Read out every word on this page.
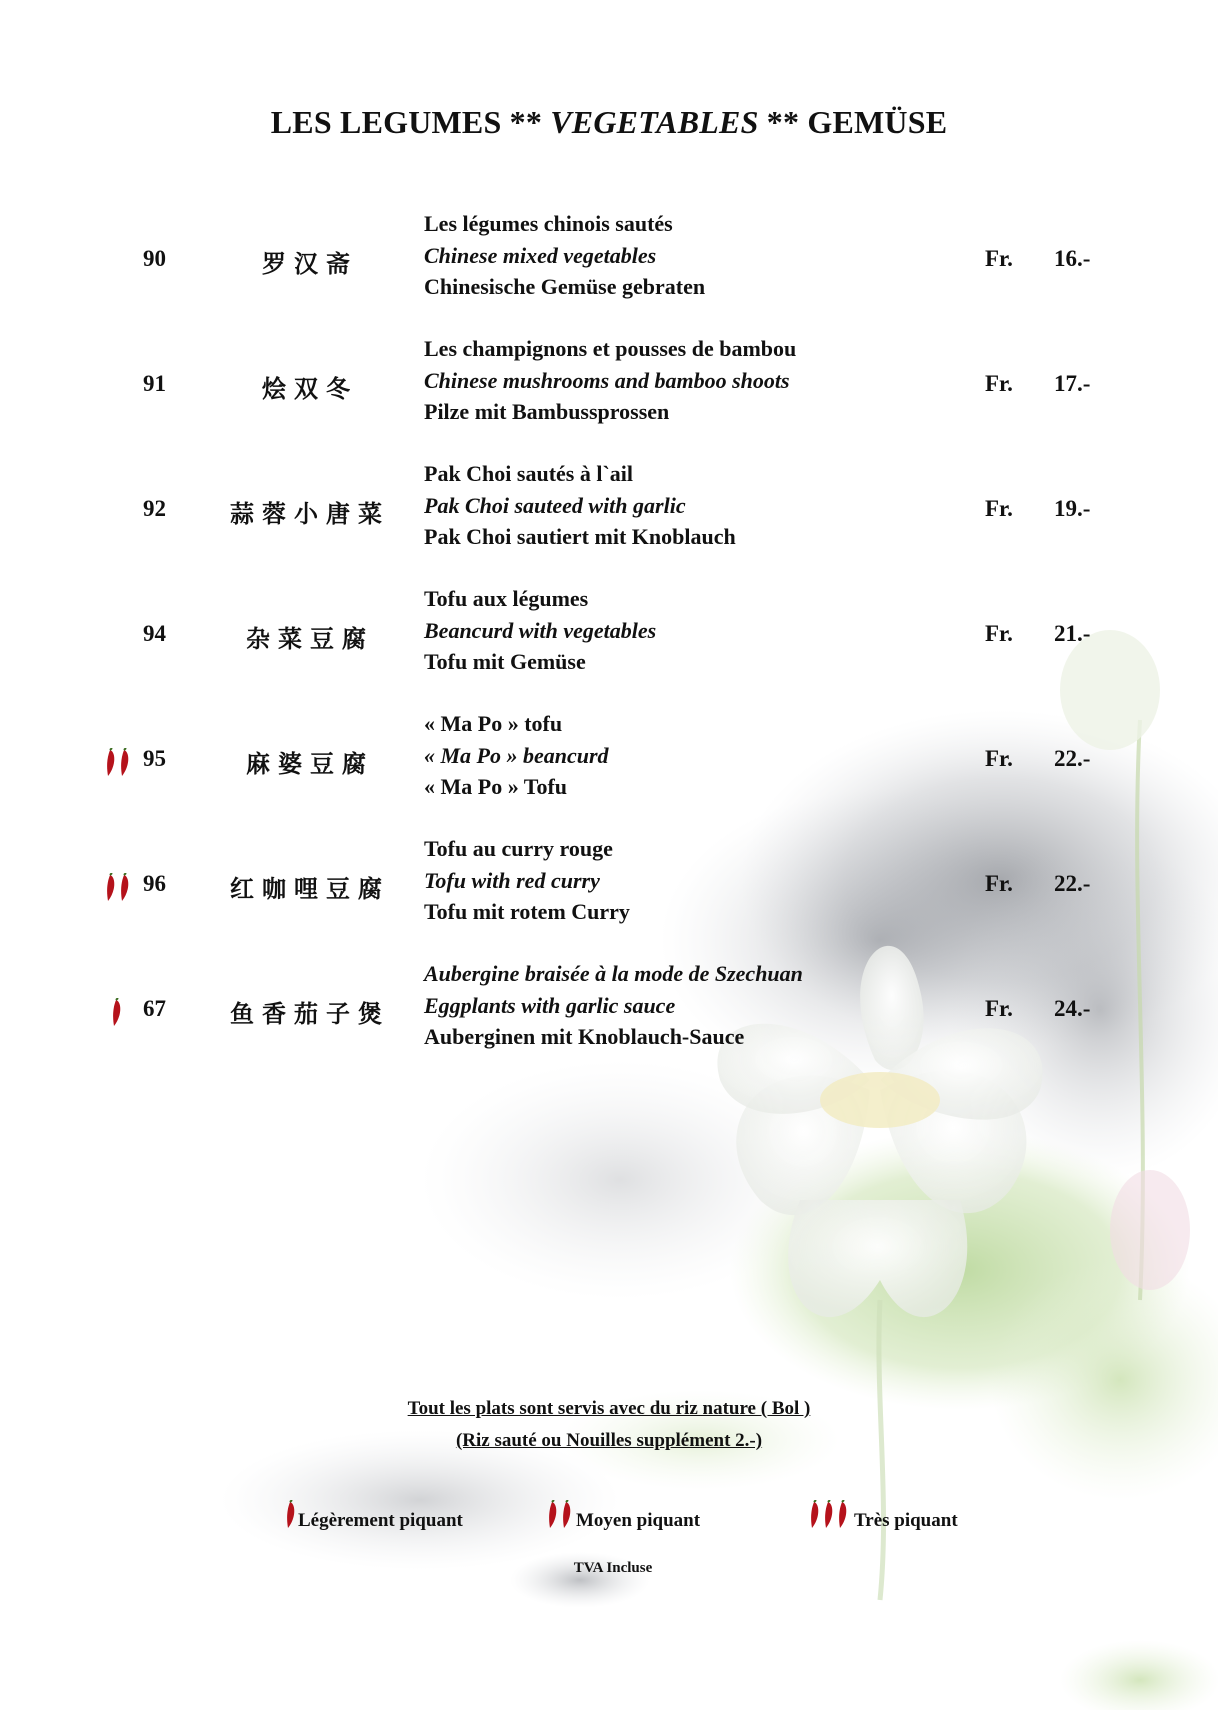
LES LEGUMES ** VEGETABLES ** GEMÜSE
90	罗汉斋
Les légumes chinois sautés
Chinese mixed vegetables
Chinesische Gemüse gebraten
Fr. 16.-
91	烩双冬
Les champignons et pousses de bambou
Chinese mushrooms and bamboo shoots
Pilze mit Bambussprossen
Fr. 17.-
92	蒜蓉小唐菜
Pak Choi sautés à l`ail
Pak Choi sauteed with garlic
Pak Choi sautiert mit Knoblauch
Fr. 19.-
94	杂菜豆腐
Tofu aux légumes
Beancurd with vegetables
Tofu mit Gemüse
Fr. 21.-
95	麻婆豆腐
« Ma Po » tofu
« Ma Po » beancurd
« Ma Po » Tofu
Fr. 22.-
96	红咖哩豆腐
Tofu au curry rouge
Tofu with red curry
Tofu mit rotem Curry
Fr. 22.-
67	鱼香茄子煲
Aubergine braisée à la mode de Szechuan
Eggplants with garlic sauce
Auberginen mit Knoblauch-Sauce
Fr. 24.-
Tout les plats sont servis avec du riz nature ( Bol )
(Riz sauté ou Nouilles supplément 2.-)
Légèrement piquant	Moyen piquant	Très piquant
TVA Incluse
